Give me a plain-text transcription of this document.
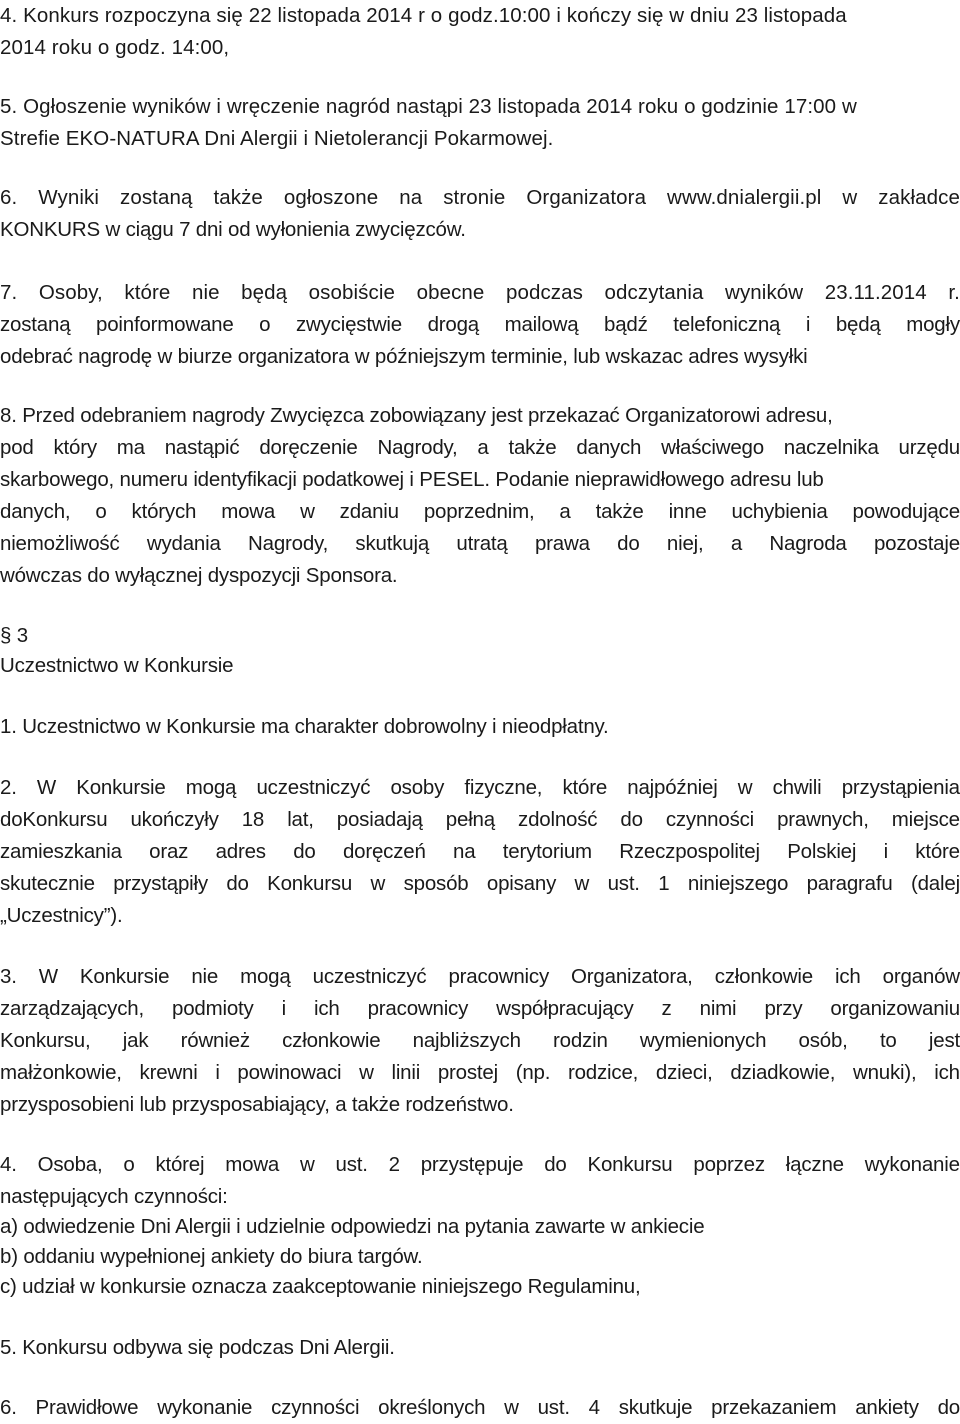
4. Konkurs rozpoczyna się 22 listopada 2014 r o godz.10:00 i kończy się w dniu 23 listopada
2014 roku o godz. 14:00,
5. Ogłoszenie wyników i wręczenie nagród nastąpi 23 listopada 2014 roku o godzinie 17:00 w
Strefie EKO-NATURA Dni Alergii i Nietolerancji Pokarmowej.
6. Wyniki zostaną także ogłoszone na stronie Organizatora www.dnialergii.pl w zakładce
KONKURS w ciągu 7 dni od wyłonienia zwycięzców.
7. Osoby, które nie będą osobiście obecne podczas odczytania wyników 23.11.2014 r.
zostaną poinformowane o zwycięstwie drogą mailową bądź telefoniczną i będą mogły
odebrać nagrodę w biurze organizatora w późniejszym terminie, lub wskazac adres wysyłki
8. Przed odebraniem nagrody Zwycięzca zobowiązany jest przekazać Organizatorowi adresu,
pod który ma nastąpić doręczenie Nagrody, a także danych właściwego naczelnika urzędu
skarbowego, numeru identyfikacji podatkowej i PESEL. Podanie nieprawidłowego adresu lub
danych, o których mowa w zdaniu poprzednim, a także inne uchybienia powodujące
niemożliwość wydania Nagrody, skutkują utratą prawa do niej, a Nagroda pozostaje
wówczas do wyłącznej dyspozycji Sponsora.
§ 3
Uczestnictwo w Konkursie
1. Uczestnictwo w Konkursie ma charakter dobrowolny i nieodpłatny.
2. W Konkursie mogą uczestniczyć osoby fizyczne, które najpóźniej w chwili przystąpienia
doKonkursu ukończyły 18 lat, posiadają pełną zdolność do czynności prawnych, miejsce
zamieszkania oraz adres do doręczeń na terytorium Rzeczpospolitej Polskiej i które
skutecznie przystąpiły do Konkursu w sposób opisany w ust. 1 niniejszego paragrafu (dalej
„Uczestnicy”).
3. W Konkursie nie mogą uczestniczyć pracownicy Organizatora, członkowie ich organów
zarządzających, podmioty i ich pracownicy współpracujący z nimi przy organizowaniu
Konkursu, jak również członkowie najbliższych rodzin wymienionych osób, to jest
małżonkowie, krewni i powinowaci w linii prostej (np. rodzice, dzieci, dziadkowie, wnuki), ich
przysposobieni lub przysposabiający, a także rodzeństwo.
4. Osoba, o której mowa w ust. 2 przystępuje do Konkursu poprzez łączne wykonanie
następujących czynności:
a) odwiedzenie Dni Alergii i udzielnie odpowiedzi na pytania zawarte w ankiecie
b) oddaniu wypełnionej ankiety do biura targów.
c) udział w konkursie oznacza zaakceptowanie niniejszego Regulaminu,
5. Konkursu odbywa się podczas Dni Alergii.
6. Prawidłowe wykonanie czynności określonych w ust. 4 skutkuje przekazaniem ankiety do
